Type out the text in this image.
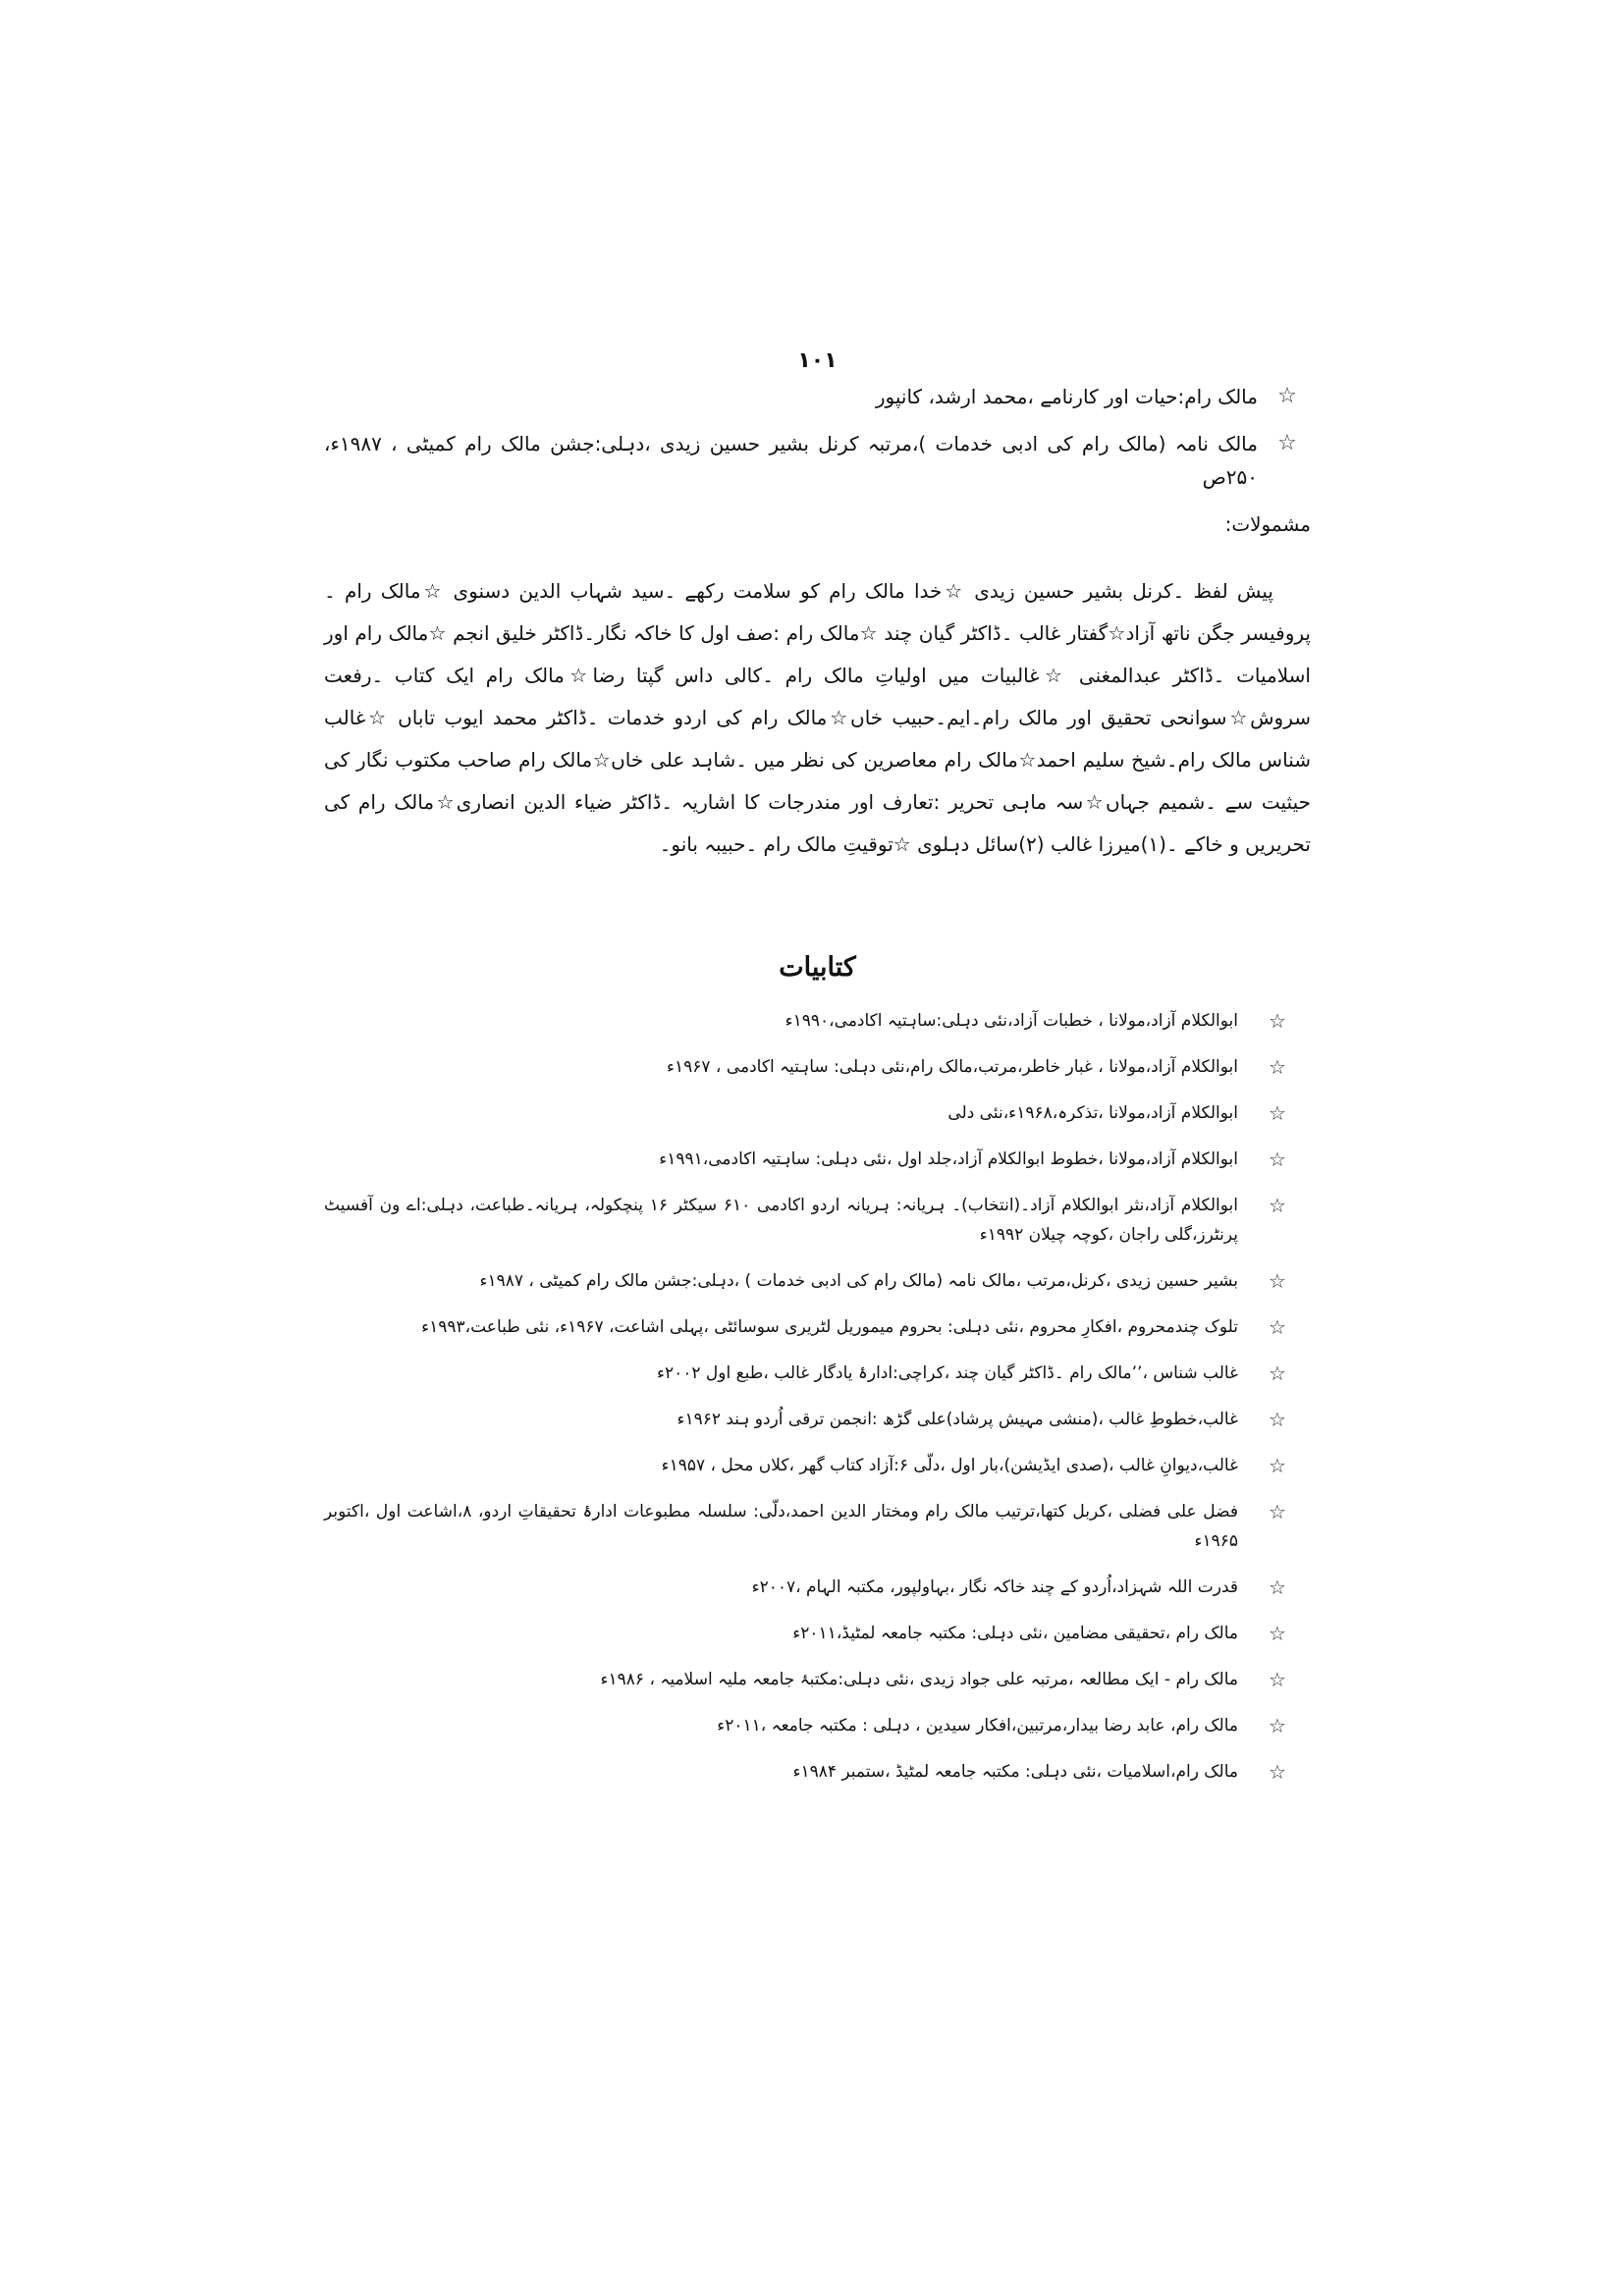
۱۰۱
☆
مالک رام:حیات اور کارنامے ،محمد ارشد، کانپور
☆
مالک نامہ (مالک رام کی ادبی خدمات )،مرتبہ کرنل بشیر حسین زیدی ،دہلی:جشن مالک رام کمیٹی ، ۱۹۸۷ء، ۲۵۰ص
مشمولات:
پیش لفظ ۔کرنل بشیر حسین زیدی ☆خدا مالک رام کو سلامت رکھے ۔سید شہاب الدین دسنوی ☆مالک رام ۔پروفیسر جگن ناتھ آزاد☆گفتار غالب ۔ڈاکٹر گیان چند ☆مالک رام :صف اول کا خاکہ نگار۔ڈاکٹر خلیق انجم ☆مالک رام اور اسلامیات ۔ڈاکٹر عبدالمغنی ☆غالبیات میں اولیاتِ مالک رام ۔کالی داس گپتا رضا☆مالک رام ایک کتاب ۔رفعت سروش☆سوانحی تحقیق اور مالک رام۔ایم۔حبیب خاں☆مالک رام کی اردو خدمات ۔ڈاکٹر محمد ایوب تاباں ☆غالب شناس مالک رام۔شیخ سلیم احمد☆مالک رام معاصرین کی نظر میں ۔شاہد علی خاں☆مالک رام صاحب مکتوب نگار کی حیثیت سے ۔شمیم جہاں☆سہ ماہی تحریر :تعارف اور مندرجات کا اشاریہ ۔ڈاکٹر ضیاء الدین انصاری☆مالک رام کی تحریریں و خاکے ۔(۱)میرزا غالب (۲)سائل دہلوی ☆توقیتِ مالک رام ۔حبیبہ بانو۔
کتابیات
☆
ابوالکلام آزاد،مولانا ، خطبات آزاد،نئی دہلی:ساہتیہ اکادمی،۱۹۹۰ء
☆
ابوالکلام آزاد،مولانا ، غبار خاطر،مرتب،مالک رام،نئی دہلی: ساہتیہ اکادمی ، ۱۹۶۷ء
☆
ابوالکلام آزاد،مولانا ،تذکرہ،۱۹۶۸ء،نئی دلی
☆
ابوالکلام آزاد،مولانا ،خطوط ابوالکلام آزاد،جلد اول ،نئی دہلی: ساہتیہ اکادمی،۱۹۹۱ء
☆
ابوالکلام آزاد،نثر ابوالکلام آزاد۔(انتخاب)۔ ہریانہ: ہریانہ اردو اکادمی ۶۱۰ سیکٹر ۱۶ پنچکولہ، ہریانہ۔طباعت، دہلی:اے ون آفسیٹ پرنٹرز،گلی راجان ،کوچہ چیلان ۱۹۹۲ء
☆
بشیر حسین زیدی ،کرنل،مرتب ،مالک نامہ (مالک رام کی ادبی خدمات ) ،دہلی:جشن مالک رام کمیٹی ، ۱۹۸۷ء
☆
تلوک چندمحروم ،افکارِ محروم ،نئی دہلی: بحروم میموریل لٹریری سوسائٹی ،پہلی اشاعت، ۱۹۶۷ء، نئی طباعت،۱۹۹۳ء
☆
غالب شناس ،’’مالک رام ۔ڈاکٹر گیان چند ،کراچی:ادارۂ یادگار غالب ،طبع اول ۲۰۰۲ء
☆
غالب،خطوطِ غالب ،(منشی مہیش پرشاد)علی گڑھ :انجمن ترقی اُردو ہند ۱۹۶۲ء
☆
غالب،دیوانِ غالب ،(صدی ایڈیشن)،بار اول ،دلّی ۶:آزاد کتاب گھر ،کلاں محل ، ۱۹۵۷ء
☆
فضل علی فضلی ،کربل کتھا،ترتیب مالک رام ومختار الدین احمد،دلّی: سلسلہ مطبوعات ادارۂ تحقیقاتِ اردو، ۸،اشاعت اول ،اکتوبر ۱۹۶۵ء
☆
قدرت اللہ شہزاد،اُردو کے چند خاکہ نگار ،بہاولپور، مکتبہ الہام ،۲۰۰۷ء
☆
مالک رام ،تحقیقی مضامین ،نئی دہلی: مکتبہ جامعہ لمٹیڈ،۲۰۱۱ء
☆
مالک رام - ایک مطالعہ ،مرتبہ علی جواد زیدی ،نئی دہلی:مکتبۂ جامعہ ملیہ اسلامیہ ، ۱۹۸۶ء
☆
مالک رام، عابد رضا بیدار،مرتبین،افکار سیدین ، دہلی : مکتبہ جامعہ ،۲۰۱۱ء
☆
مالک رام،اسلامیات ،نئی دہلی: مکتبہ جامعہ لمٹیڈ ،ستمبر ۱۹۸۴ء
